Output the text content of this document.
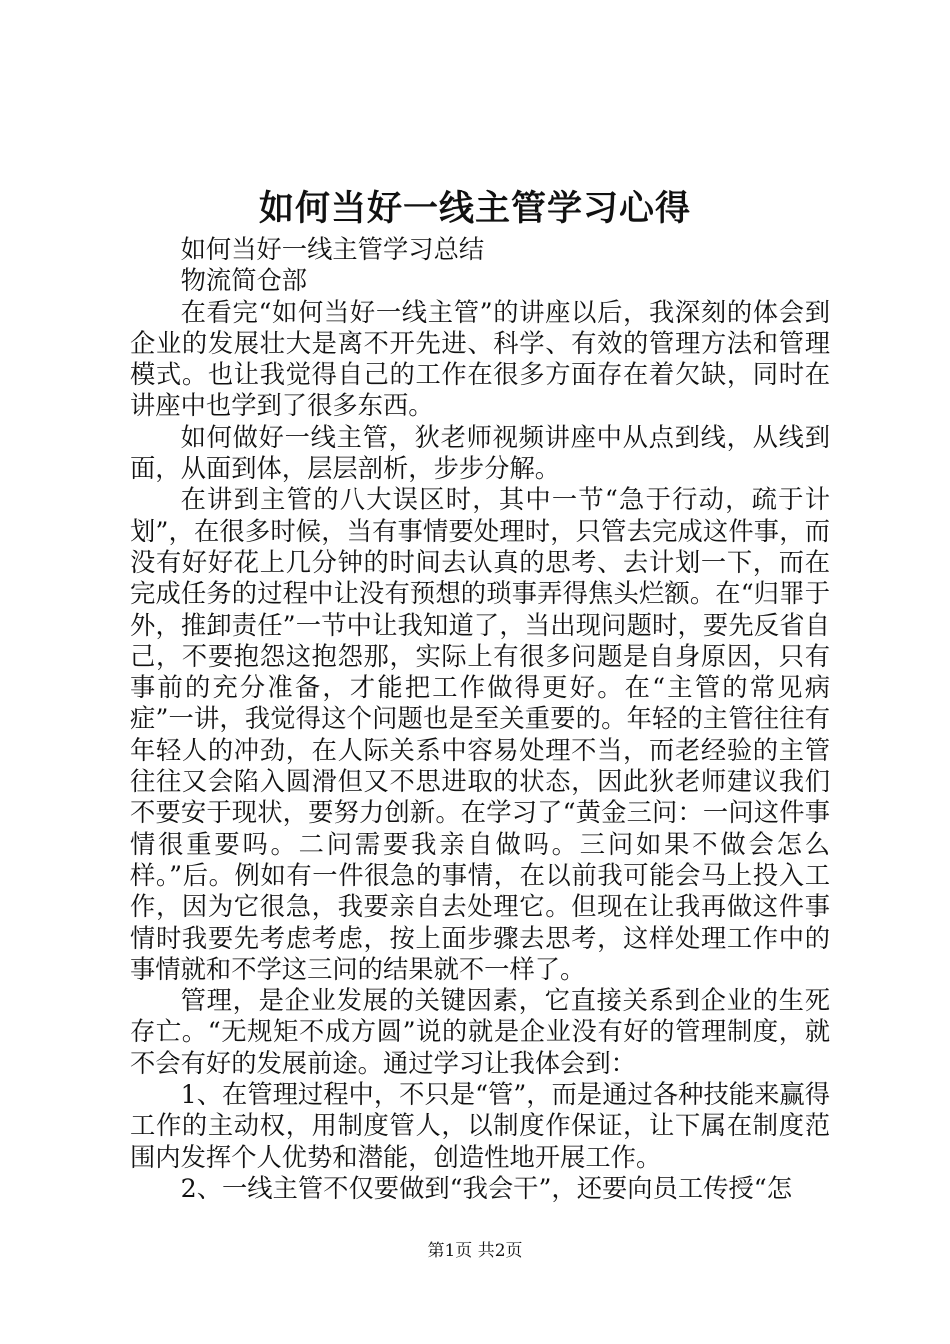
如何当好一线主管学习心得

如何当好一线主管学习总结

物流简仓部

在看完“如何当好一线主管”的讲座以后，我深刻的体会到企业的发展壮大是离不开先进、科学、有效的管理方法和管理模式。也让我觉得自己的工作在很多方面存在着欠缺，同时在讲座中也学到了很多东西。

如何做好一线主管，狄老师视频讲座中从点到线，从线到面，从面到体，层层剖析，步步分解。

在讲到主管的八大误区时，其中一节“急于行动，疏于计划”，在很多时候，当有事情要处理时，只管去完成这件事，而没有好好花上几分钟的时间去认真的思考、去计划一下，而在完成任务的过程中让没有预想的琐事弄得焦头烂额。在“归罪于外，推卸责任”一节中让我知道了，当出现问题时，要先反省自己，不要抱怨这抱怨那，实际上有很多问题是自身原因，只有事前的充分准备，才能把工作做得更好。在“主管的常见病症”一讲，我觉得这个问题也是至关重要的。年轻的主管往往有年轻人的冲劲，在人际关系中容易处理不当，而老经验的主管往往又会陷入圆滑但又不思进取的状态，因此狄老师建议我们不要安于现状，要努力创新。在学习了“黄金三问：一问这件事情很重要吗。二问需要我亲自做吗。三问如果不做会怎么样。”后。例如有一件很急的事情，在以前我可能会马上投入工作，因为它很急，我要亲自去处理它。但现在让我再做这件事情时我要先考虑考虑，按上面步骤去思考，这样处理工作中的事情就和不学这三问的结果就不一样了。

管理，是企业发展的关键因素，它直接关系到企业的生死存亡。“无规矩不成方圆”说的就是企业没有好的管理制度，就不会有好的发展前途。通过学习让我体会到：

1、在管理过程中，不只是“管”，而是通过各种技能来赢得工作的主动权，用制度管人，以制度作保证，让下属在制度范围内发挥个人优势和潜能，创造性地开展工作。

2、一线主管不仅要做到“我会干”，还要向员工传授“怎

第1页 共2页
